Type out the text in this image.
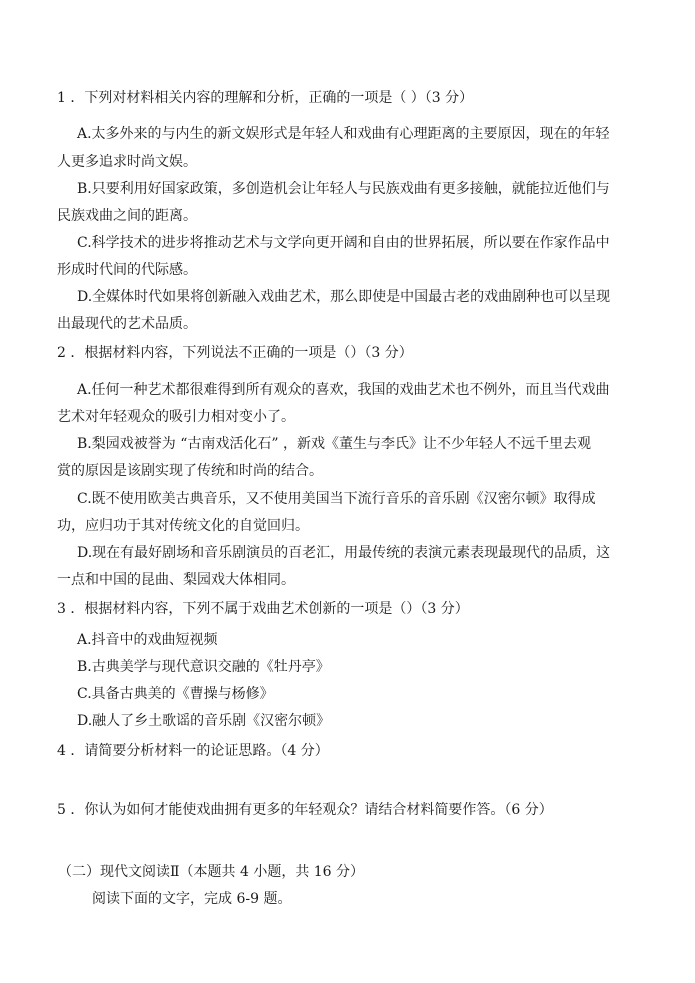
1 ．下列对材料相关内容的理解和分析，正确的一项是（ ）（3 分）
A.太多外来的与内生的新文娱形式是年轻人和戏曲有心理距离的主要原因，现在的年轻
人更多追求时尚文娱。
B.只要利用好国家政策，多创造机会让年轻人与民族戏曲有更多接触，就能拉近他们与
民族戏曲之间的距离。
C.科学技术的进步将推动艺术与文学向更开阔和自由的世界拓展，所以要在作家作品中
形成时代间的代际感。
D.全媒体时代如果将创新融入戏曲艺术，那么即使是中国最古老的戏曲剧种也可以呈现
出最现代的艺术品质。
2 ．根据材料内容，下列说法不正确的一项是（）（3 分）
A.任何一种艺术都很难得到所有观众的喜欢，我国的戏曲艺术也不例外，而且当代戏曲
艺术对年轻观众的吸引力相对变小了。
B.梨园戏被誉为 “古南戏活化石” ，新戏《董生与李氏》让不少年轻人不远千里去观
赏的原因是该剧实现了传统和时尚的结合。
C.既不使用欧美古典音乐，又不使用美国当下流行音乐的音乐剧《汉密尔顿》取得成
功，应归功于其对传统文化的自觉回归。
D.现在有最好剧场和音乐剧演员的百老汇，用最传统的表演元素表现最现代的品质，这
一点和中国的昆曲、梨园戏大体相同。
3 ．根据材料内容，下列不属于戏曲艺术创新的一项是（）（3 分）
A.抖音中的戏曲短视频
B.古典美学与现代意识交融的《牡丹亭》
C.具备古典美的《曹操与杨修》
D.融人了乡土歌谣的音乐剧《汉密尔顿》
4 ．请简要分析材料一的论证思路。（4 分）
5 ．你认为如何才能使戏曲拥有更多的年轻观众？请结合材料简要作答。（6 分）
（二）现代文阅读Ⅱ（本题共 4 小题，共 16 分）
阅读下面的文字，完成 6-9 题。
